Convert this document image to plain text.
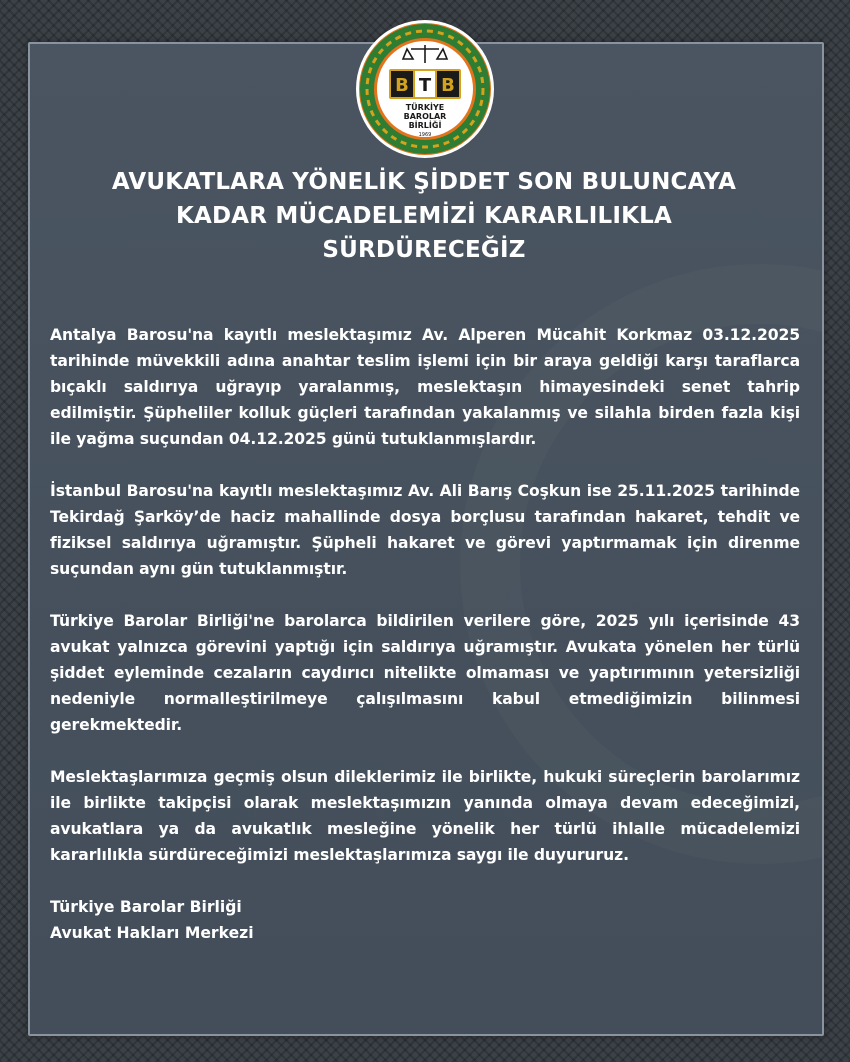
B T B
TÜRKİYE
BAROLAR
BİRLİĞİ
1969
AVUKATLARA YÖNELİK ŞİDDET SON BULUNCAYA
KADAR MÜCADELEMİZİ KARARLILIKLA
SÜRDÜRECEĞİZ

Antalya Barosu'na kayıtlı meslektaşımız Av. Alperen Mücahit Korkmaz 03.12.2025 tarihinde müvekkili adına anahtar teslim işlemi için bir araya geldiği karşı taraflarca bıçaklı saldırıya uğrayıp yaralanmış, meslektaşın himayesindeki senet tahrip edilmiştir. Şüpheliler kolluk güçleri tarafından yakalanmış ve silahla birden fazla kişi ile yağma suçundan 04.12.2025 günü tutuklanmışlardır.

İstanbul Barosu'na kayıtlı meslektaşımız Av. Ali Barış Coşkun ise 25.11.2025 tarihinde Tekirdağ Şarköy’de haciz mahallinde dosya borçlusu tarafından hakaret, tehdit ve fiziksel saldırıya uğramıştır. Şüpheli hakaret ve görevi yaptırmamak için direnme suçundan aynı gün tutuklanmıştır.

Türkiye Barolar Birliği'ne barolarca bildirilen verilere göre, 2025 yılı içerisinde 43 avukat yalnızca görevini yaptığı için saldırıya uğramıştır. Avukata yönelen her türlü şiddet eyleminde cezaların caydırıcı nitelikte olmaması ve yaptırımının yetersizliği nedeniyle normalleştirilmeye çalışılmasını kabul etmediğimizin bilinmesi gerekmektedir.

Meslektaşlarımıza geçmiş olsun dileklerimiz ile birlikte, hukuki süreçlerin barolarımız ile birlikte takipçisi olarak meslektaşımızın yanında olmaya devam edeceğimizi, avukatlara ya da avukatlık mesleğine yönelik her türlü ihlalle mücadelemizi kararlılıkla sürdüreceğimizi meslektaşlarımıza saygı ile duyururuz.

Türkiye Barolar Birliği
Avukat Hakları Merkezi
